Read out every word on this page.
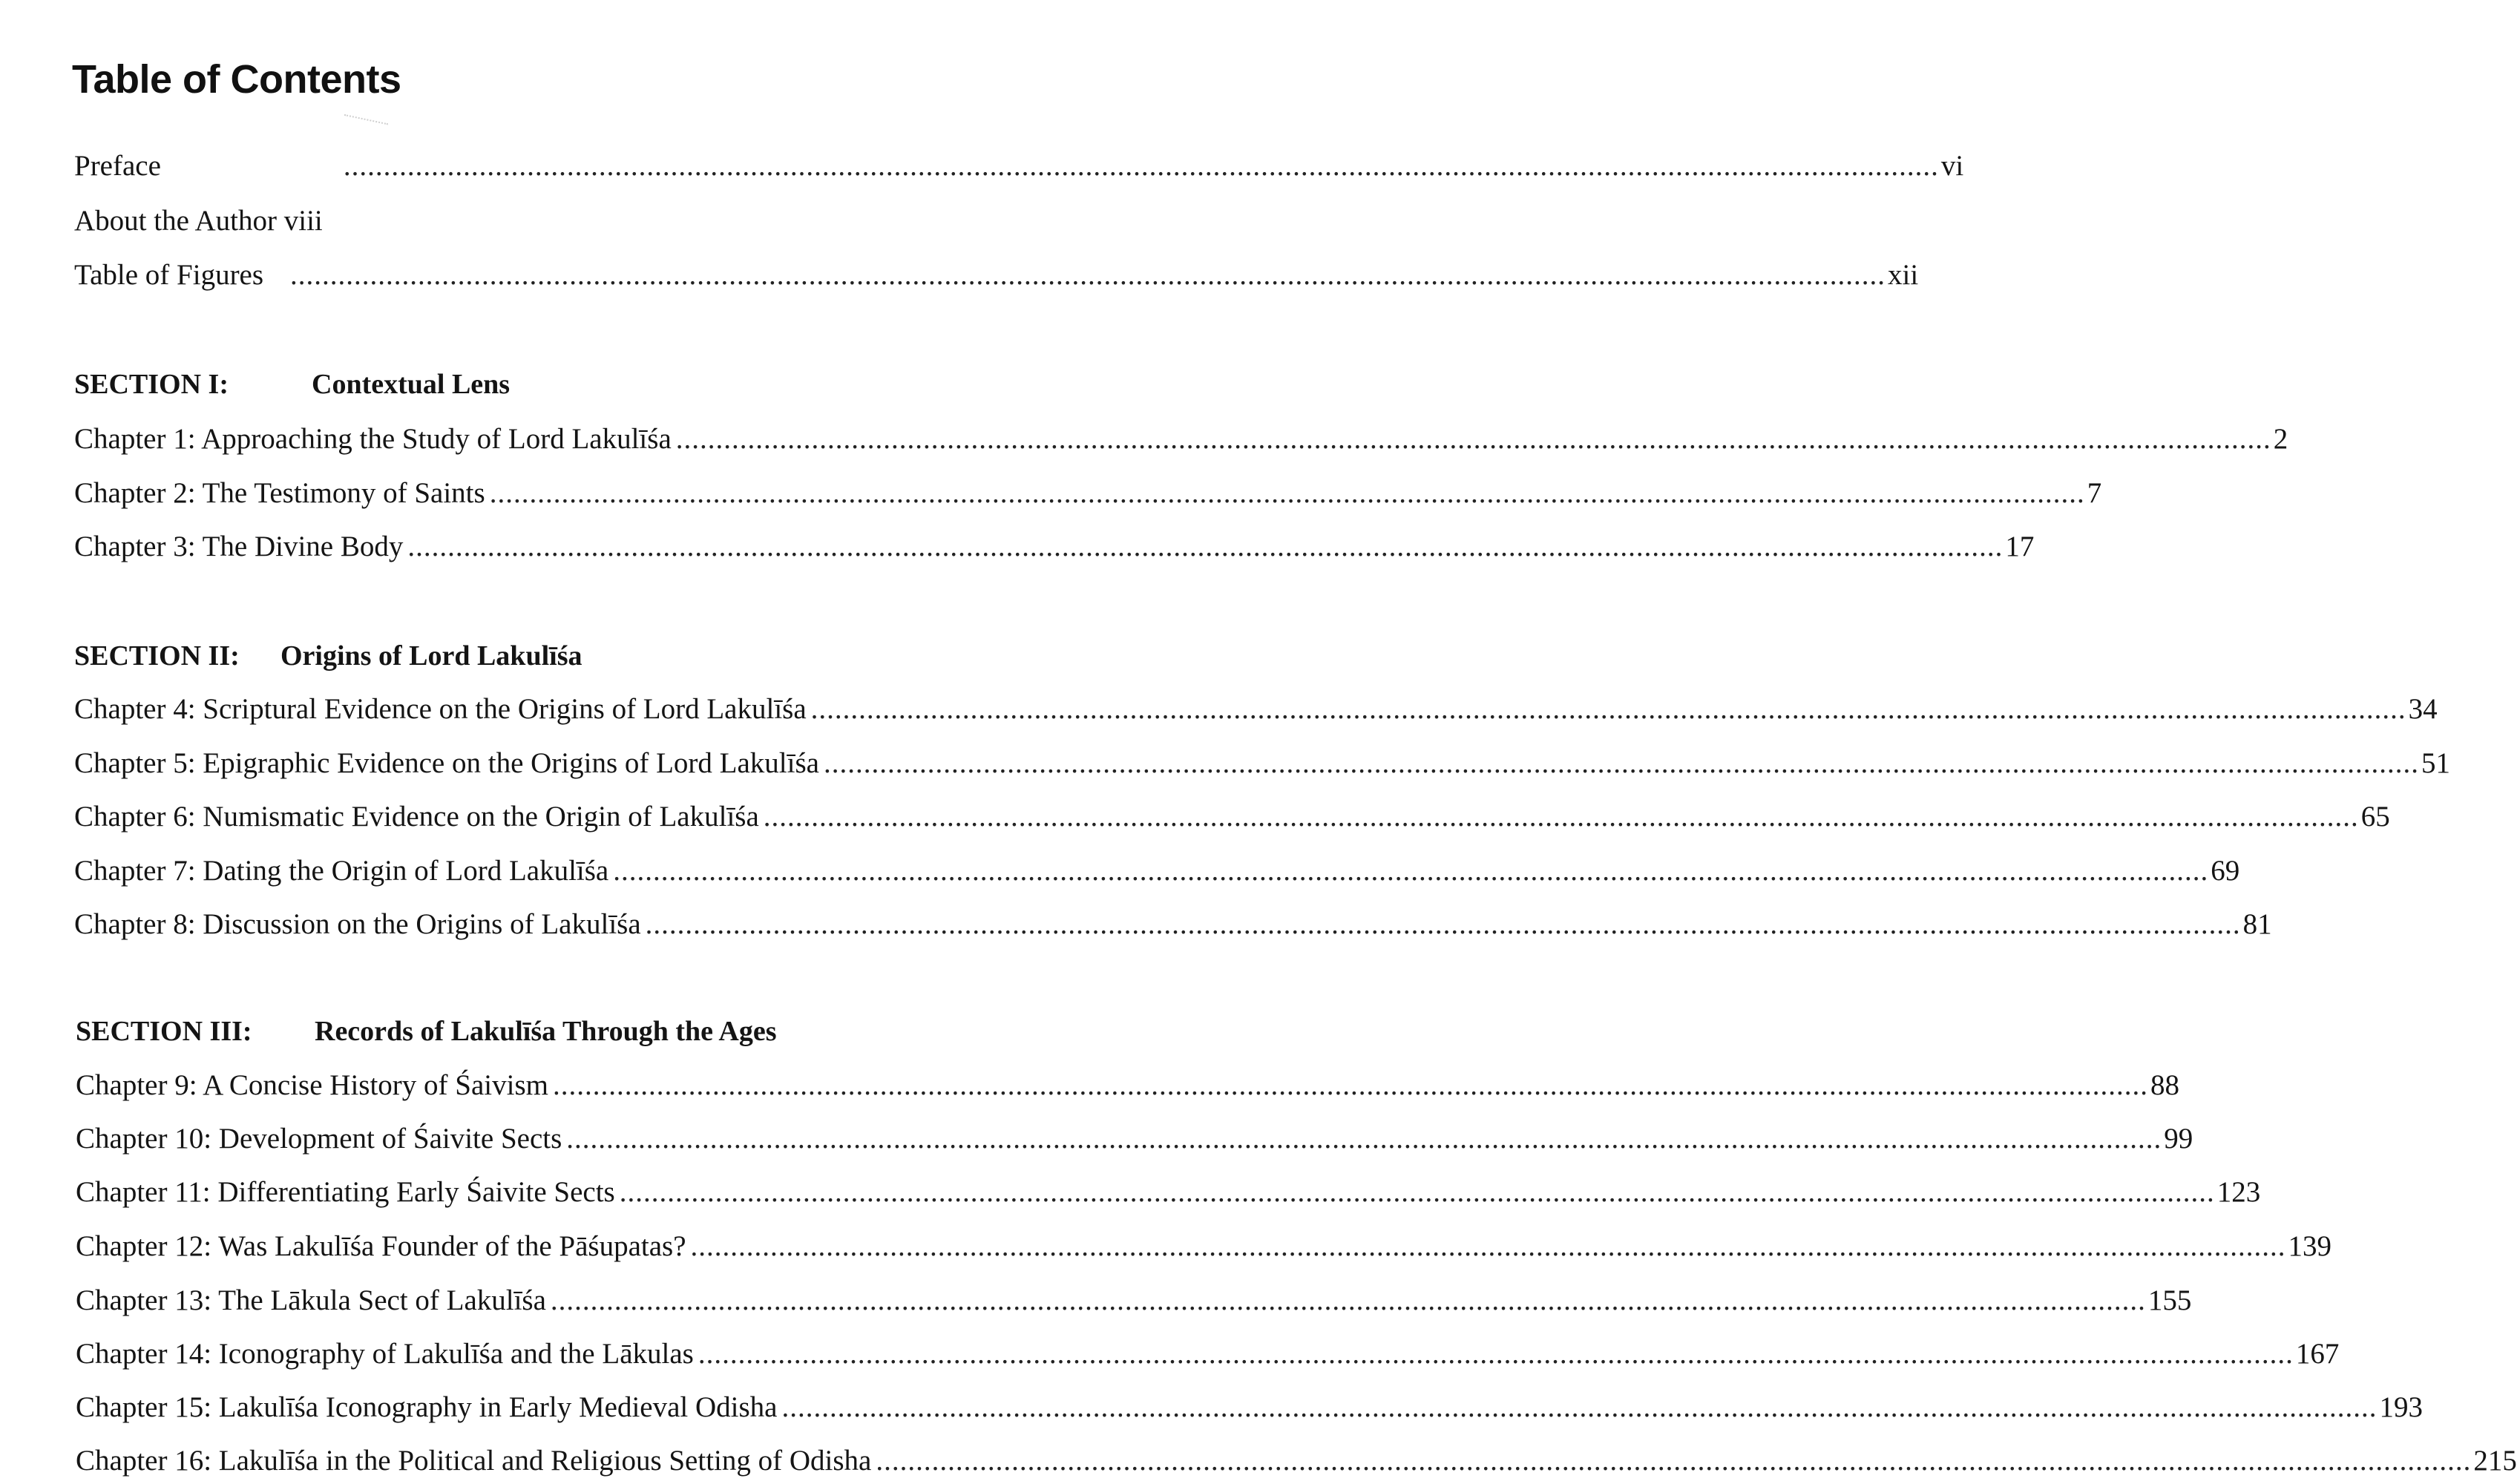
Table of Contents
Preface	........................................................................................................................................................................................................ vi
About the Author viii
Table of Figures ........................................................................................................................................................................................................ xii
SECTION I:	Contextual Lens
Chapter 1: Approaching the Study of Lord Lakulīśa ........................................................................................................................................................................................................ 2
Chapter 2: The Testimony of Saints ........................................................................................................................................................................................................ 7
Chapter 3: The Divine Body ........................................................................................................................................................................................................ 17
SECTION II: Origins of Lord Lakulīśa
Chapter 4: Scriptural Evidence on the Origins of Lord Lakulīśa ........................................................................................................................................................................................................ 34
Chapter 5: Epigraphic Evidence on the Origins of Lord Lakulīśa ........................................................................................................................................................................................................ 51
Chapter 6: Numismatic Evidence on the Origin of Lakulīśa ........................................................................................................................................................................................................ 65
Chapter 7: Dating the Origin of Lord Lakulīśa ........................................................................................................................................................................................................ 69
Chapter 8: Discussion on the Origins of Lakulīśa ........................................................................................................................................................................................................ 81
SECTION III: Records of Lakulīśa Through the Ages
Chapter 9: A Concise History of Śaivism ........................................................................................................................................................................................................ 88
Chapter 10: Development of Śaivite Sects ........................................................................................................................................................................................................ 99
Chapter 11: Differentiating Early Śaivite Sects ........................................................................................................................................................................................................ 123
Chapter 12: Was Lakulīśa Founder of the Pāśupatas? ........................................................................................................................................................................................................ 139
Chapter 13: The Lākula Sect of Lakulīśa ........................................................................................................................................................................................................ 155
Chapter 14: Iconography of Lakulīśa and the Lākulas ........................................................................................................................................................................................................ 167
Chapter 15: Lakulīśa Iconography in Early Medieval Odisha ........................................................................................................................................................................................................ 193
Chapter 16: Lakulīśa in the Political and Religious Setting of Odisha ........................................................................................................................................................................................................ 215
